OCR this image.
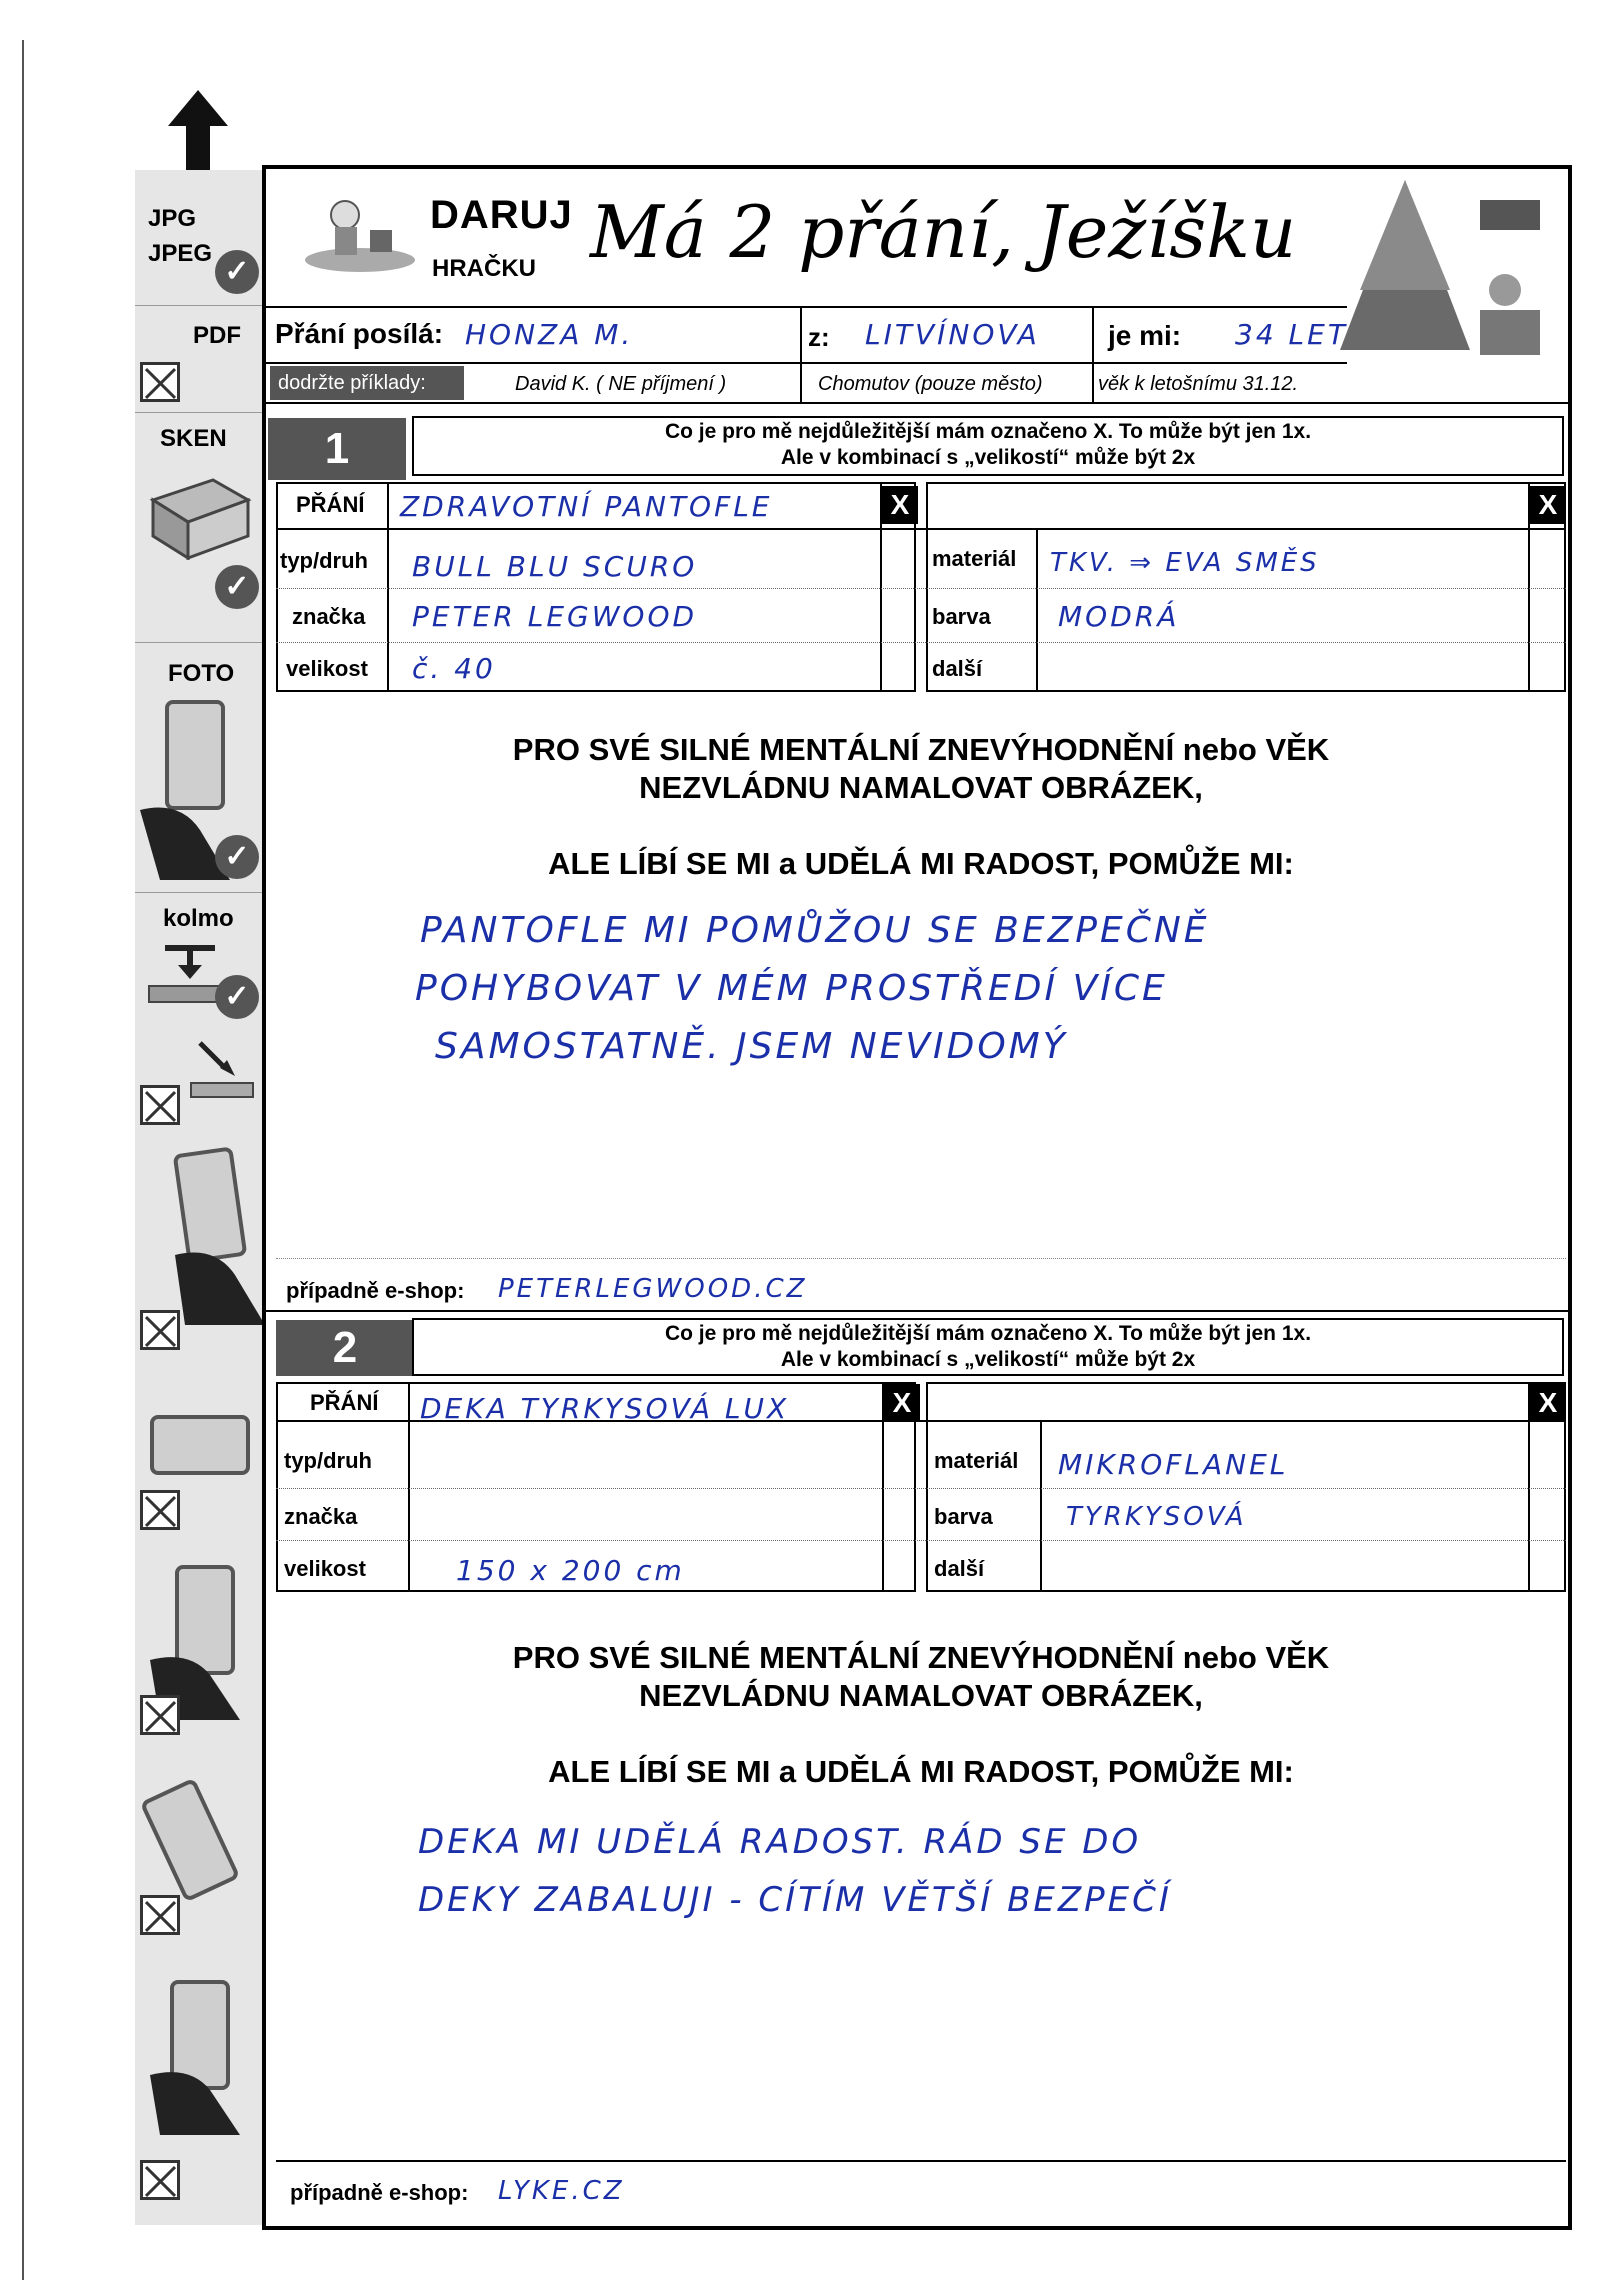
JPG
JPEG
✓
PDF
SKEN
✓
FOTO
✓
kolmo
✓
DARUJ
HRAČKU Má 2 přání, Ježíšku
Přání posílá: HONZA M.	z: LITVÍNOVA je mi: 34 LET
dodržte příklady:	David K. ( NE příjmení )	Chomutov (pouze město)	věk k letošnímu 31.12.
1	Co je pro mě nejdůležitější mám označeno X. To může být jen 1x.
Ale v kombinací s „velikostí“ může být 2x
X	X
PŘÁNÍ ZDRAVOTNÍ PANTOFLE
typ/druh BULL BLU SCURO
značka PETER LEGWOOD
velikost č. 40
materiál TKV. ⇒ EVA SMĚS
barva MODRÁ
další
PRO SVÉ SILNÉ MENTÁLNÍ ZNEVÝHODNĚNÍ nebo VĚK
NEZVLÁDNU NAMALOVAT OBRÁZEK,
ALE LÍBÍ SE MI a UDĚLÁ MI RADOST, POMŮŽE MI:
PANTOFLE MI POMŮŽOU SE BEZPEČNĚ
POHYBOVAT V MÉM PROSTŘEDÍ VÍCE
SAMOSTATNĚ. JSEM NEVIDOMÝ
případně e-shop: PETERLEGWOOD.CZ
2	Co je pro mě nejdůležitější mám označeno X. To může být jen 1x.
Ale v kombinací s „velikostí“ může být 2x
X	X
PŘÁNÍ DEKA TYRKYSOVÁ LUX
typ/druh
značka
velikost	150 x 200 cm
materiál MIKROFLANEL
barva	TYRKYSOVÁ
další
PRO SVÉ SILNÉ MENTÁLNÍ ZNEVÝHODNĚNÍ nebo VĚK
NEZVLÁDNU NAMALOVAT OBRÁZEK,
ALE LÍBÍ SE MI a UDĚLÁ MI RADOST, POMŮŽE MI:
DEKA MI UDĚLÁ RADOST. RÁD SE DO
DEKY ZABALUJI - CÍTÍM VĚTŠÍ BEZPEČÍ
případně e-shop: LYKE.CZ
